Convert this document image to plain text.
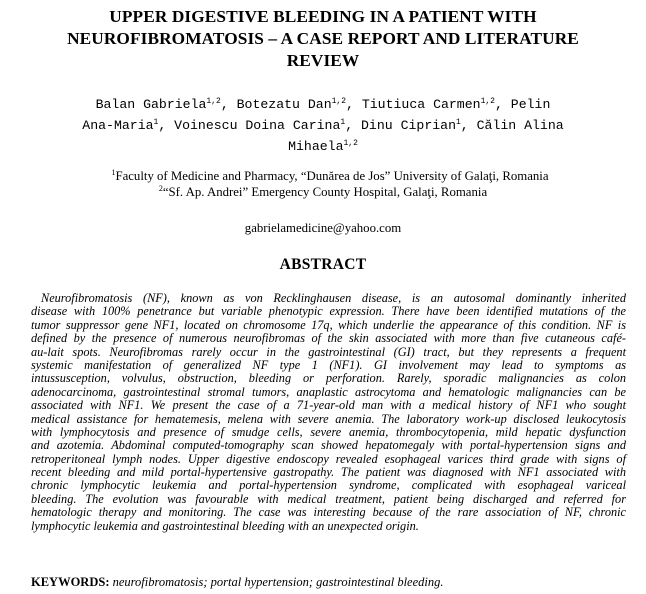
UPPER DIGESTIVE BLEEDING IN A PATIENT WITH
NEUROFIBROMATOSIS – A CASE REPORT AND LITERATURE
REVIEW
Balan Gabriela$^{1,2}$, Botezatu Dan$^{1,2}$, Tiutiuca Carmen$^{1,2}$, Pelin
Ana-Maria$^1$, Voinescu Doina Carina$^1$, Dinu Ciprian$^1$, Călin Alina
Mihaela$^{1,2}$
$^1$Faculty of Medicine and Pharmacy, “Dunărea de Jos” University of Galaţi, Romania
$^2$“Sf. Ap. Andrei” Emergency County Hospital, Galaţi, Romania
gabrielamedicine@yahoo.com
ABSTRACT
Neurofibromatosis (NF), known as von Recklinghausen disease, is an autosomal dominantly inherited
disease with 100% penetrance but variable phenotypic expression. There have been identified mutations of the
tumor suppressor gene NF1, located on chromosome 17q, which underlie the appearance of this condition. NF is
defined by the presence of numerous neurofibromas of the skin associated with more than five cutaneous café-
au-lait spots. Neurofibromas rarely occur in the gastrointestinal (GI) tract, but they represents a frequent
systemic manifestation of generalized NF type 1 (NF1). GI involvement may lead to symptoms as
intussusception, volvulus, obstruction, bleeding or perforation. Rarely, sporadic malignancies as colon
adenocarcinoma, gastrointestinal stromal tumors, anaplastic astrocytoma and hematologic malignancies can be
associated with NF1. We present the case of a 71-year-old man with a medical history of NF1 who sought
medical assistance for hematemesis, melena with severe anemia. The laboratory work-up disclosed leukocytosis
with lymphocytosis and presence of smudge cells, severe anemia, thrombocytopenia, mild hepatic dysfunction
and azotemia. Abdominal computed-tomography scan showed hepatomegaly with portal-hypertension signs and
retroperitoneal lymph nodes. Upper digestive endoscopy revealed esophageal varices third grade with signs of
recent bleeding and mild portal-hypertensive gastropathy. The patient was diagnosed with NF1 associated with
chronic lymphocytic leukemia and portal-hypertension syndrome, complicated with esophageal variceal
bleeding. The evolution was favourable with medical treatment, patient being discharged and referred for
hematologic therapy and monitoring. The case was interesting because of the rare association of NF, chronic
lymphocytic leukemia and gastrointestinal bleeding with an unexpected origin.
KEYWORDS: neurofibromatosis; portal hypertension; gastrointestinal bleeding.
